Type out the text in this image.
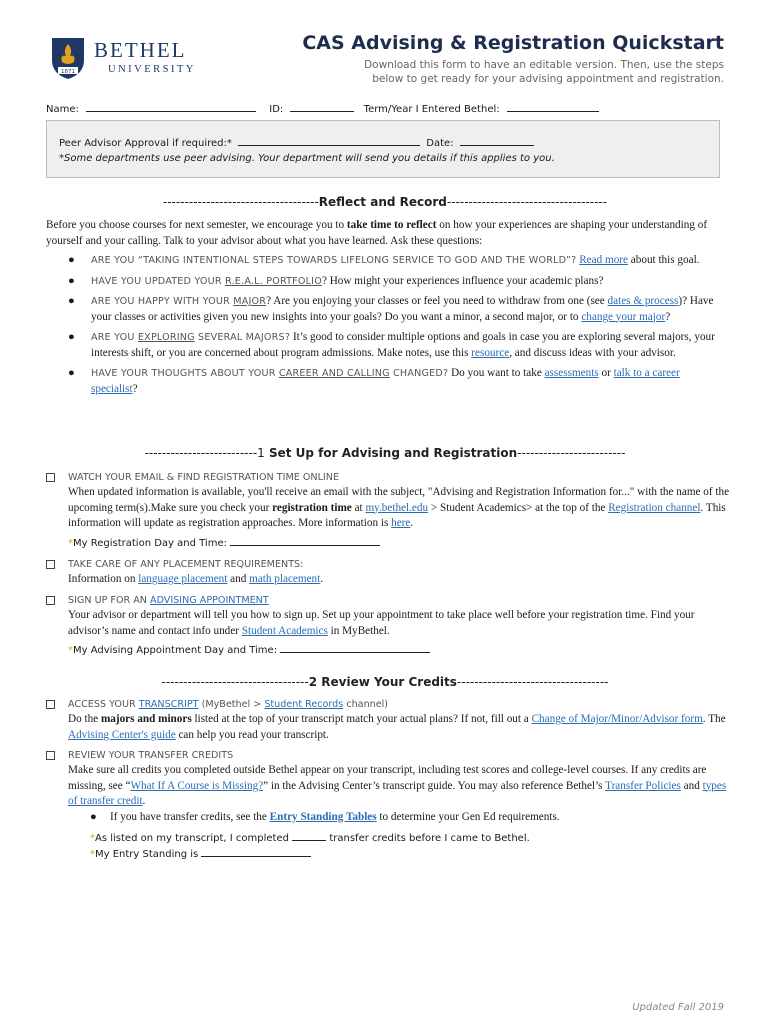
1871
BETHEL
UNIVERSITY
CAS Advising & Registration Quickstart
Download this form to have an editable version. Then, use the steps below to get ready for your advising appointment and registration.
Name:	ID:	Term/Year I Entered Bethel:
Peer Advisor Approval if required:*	Date:
*Some departments use peer advising. Your department will send you details if this applies to you.
------------------------------------Reflect and Record-------------------------------------
Before you choose courses for next semester, we encourage you to take time to reflect on how your experiences are shaping your understanding of yourself and your calling. Talk to your advisor about what you have learned. Ask these questions:
● ARE YOU “TAKING INTENTIONAL STEPS TOWARDS LIFELONG SERVICE TO GOD AND THE WORLD”? Read more about this goal.
● HAVE YOU UPDATED YOUR R.E.A.L. PORTFOLIO? How might your experiences influence your academic plans?
● ARE YOU HAPPY WITH YOUR MAJOR? Are you enjoying your classes or feel you need to withdraw from one (see dates & process)? Have your classes or activities given you new insights into your goals? Do you want a minor, a second major, or to change your major?
● ARE YOU EXPLORING SEVERAL MAJORS? It’s good to consider multiple options and goals in case you are exploring several majors, your interests shift, or you are concerned about program admissions. Make notes, use this resource, and discuss ideas with your advisor.
● HAVE YOUR THOUGHTS ABOUT YOUR CAREER AND CALLING CHANGED? Do you want to take assessments or talk to a career specialist?
--------------------------1 Set Up for Advising and Registration-------------------------
WATCH YOUR EMAIL & FIND REGISTRATION TIME ONLINE
When updated information is available, you'll receive an email with the subject, "Advising and Registration Information for..." with the name of the upcoming term(s).Make sure you check your registration time at my.bethel.edu > Student Academics> at the top of the Registration channel. This information will update as registration approaches. More information is here.
*My Registration Day and Time:
TAKE CARE OF ANY PLACEMENT REQUIREMENTS:
Information on language placement and math placement.
SIGN UP FOR AN ADVISING APPOINTMENT
Your advisor or department will tell you how to sign up. Set up your appointment to take place well before your registration time. Find your advisor’s name and contact info under Student Academics in MyBethel.
*My Advising Appointment Day and Time:
----------------------------------2 Review Your Credits-----------------------------------
ACCESS YOUR TRANSCRIPT (MyBethel > Student Records channel)
Do the majors and minors listed at the top of your transcript match your actual plans? If not, fill out a Change of Major/Minor/Advisor form. The Advising Center's guide can help you read your transcript.
REVIEW YOUR TRANSFER CREDITS
Make sure all credits you completed outside Bethel appear on your transcript, including test scores and college-level courses. If any credits are missing, see “What If A Course is Missing?” in the Advising Center’s transcript guide. You may also reference Bethel’s Transfer Policies and types of transfer credit.
● If you have transfer credits, see the Entry Standing Tables to determine your Gen Ed requirements.
*As listed on my transcript, I completed	transfer credits before I came to Bethel.
*My Entry Standing is
Updated Fall 2019
